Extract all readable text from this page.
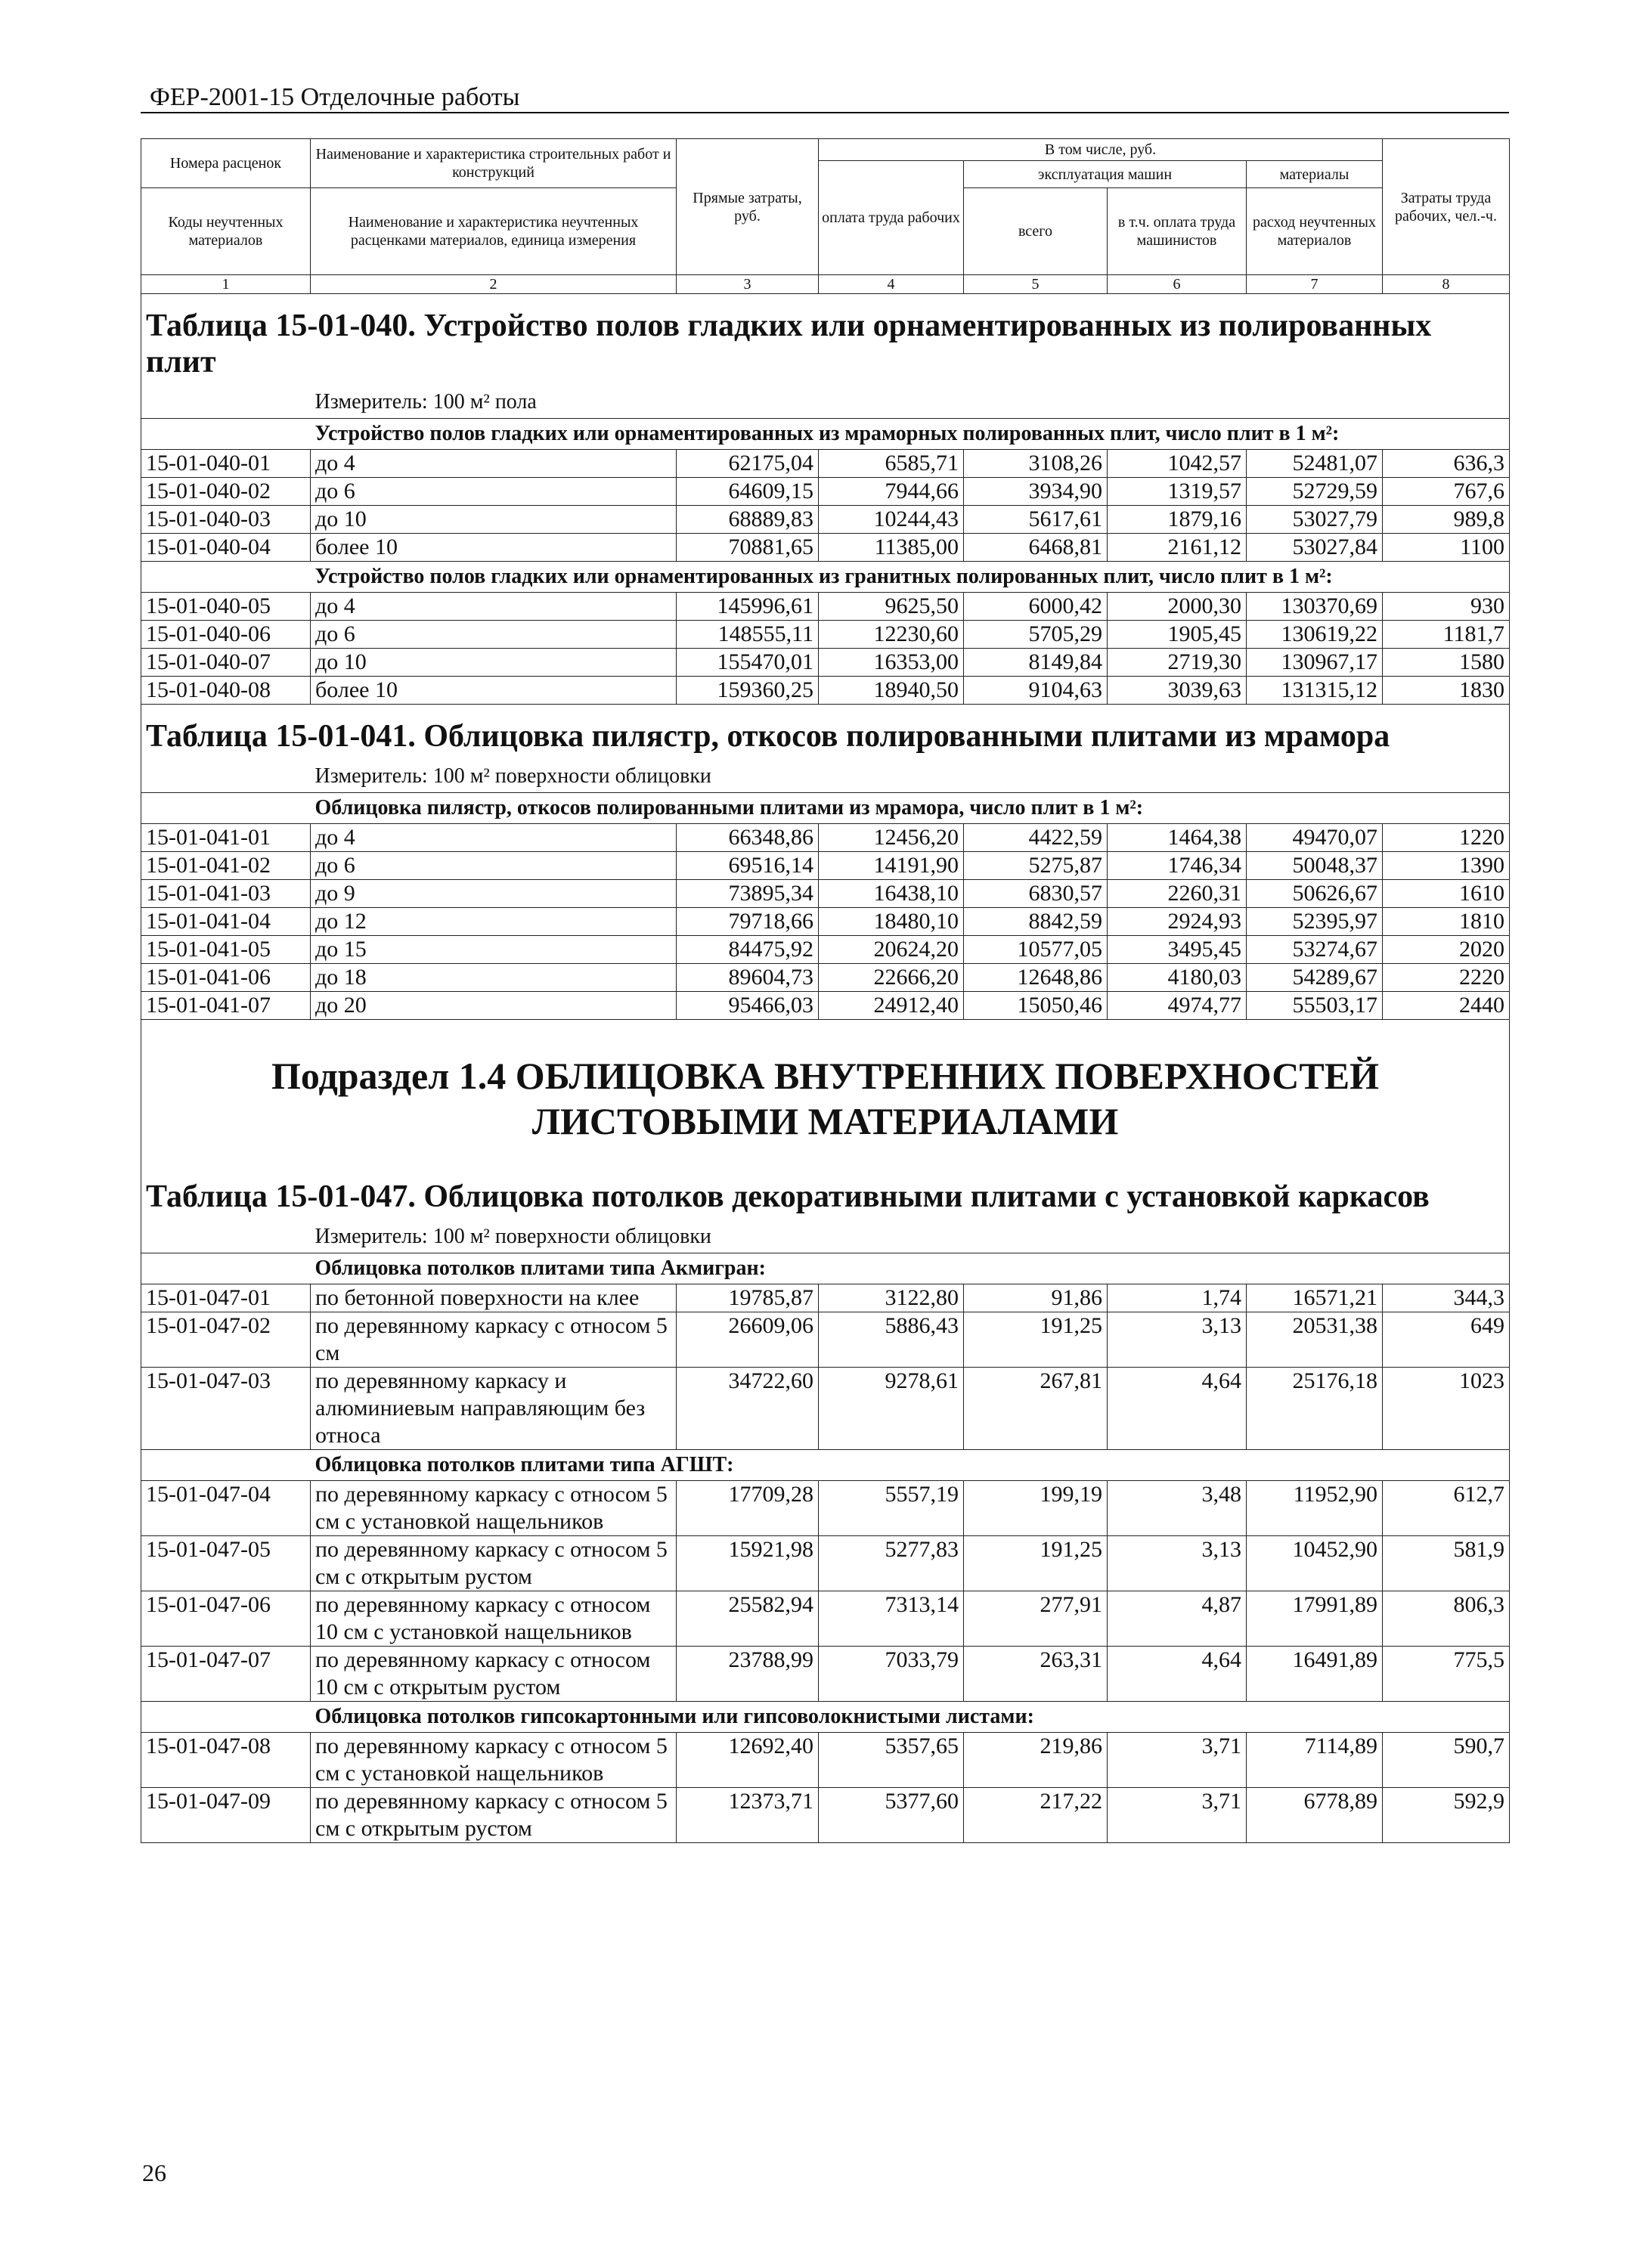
ФЕР-2001-15 Отделочные работы
Номера расценок	Наименование и характеристика строительных работ и конструкций	Прямые затраты, руб.	В том числе, руб.				Затраты труда рабочих, чел.-ч.
			оплата труда рабочих	эксплуатация машин		материалы	
Коды неучтенных материалов	Наименование и характеристика неучтенных расценками материалов, единица измерения			всего	в т.ч. оплата труда машинистов	расход неучтенных материалов	

1	2	3	4	5	6	7	8
Таблица 15-01-040. Устройство полов гладких или орнаментированных из полированных плит							
	Измеритель: 100 м² пола						
	Устройство полов гладких или орнаментированных из мраморных полированных плит, число плит в 1 м²:						
15-01-040-01	до 4	62175,04	6585,71	3108,26	1042,57	52481,07	636,3
15-01-040-02	до 6	64609,15	7944,66	3934,90	1319,57	52729,59	767,6
15-01-040-03	до 10	68889,83	10244,43	5617,61	1879,16	53027,79	989,8
15-01-040-04	более 10	70881,65	11385,00	6468,81	2161,12	53027,84	1100
	Устройство полов гладких или орнаментированных из гранитных полированных плит, число плит в 1 м²:						
15-01-040-05	до 4	145996,61	9625,50	6000,42	2000,30	130370,69	930
15-01-040-06	до 6	148555,11	12230,60	5705,29	1905,45	130619,22	1181,7
15-01-040-07	до 10	155470,01	16353,00	8149,84	2719,30	130967,17	1580
15-01-040-08	более 10	159360,25	18940,50	9104,63	3039,63	131315,12	1830
Таблица 15-01-041. Облицовка пилястр, откосов полированными плитами из мрамора							
	Измеритель: 100 м² поверхности облицовки						
	Облицовка пилястр, откосов полированными плитами из мрамора, число плит в 1 м²:						
15-01-041-01	до 4	66348,86	12456,20	4422,59	1464,38	49470,07	1220
15-01-041-02	до 6	69516,14	14191,90	5275,87	1746,34	50048,37	1390
15-01-041-03	до 9	73895,34	16438,10	6830,57	2260,31	50626,67	1610
15-01-041-04	до 12	79718,66	18480,10	8842,59	2924,93	52395,97	1810
15-01-041-05	до 15	84475,92	20624,20	10577,05	3495,45	53274,67	2020
15-01-041-06	до 18	89604,73	22666,20	12648,86	4180,03	54289,67	2220
15-01-041-07	до 20	95466,03	24912,40	15050,46	4974,77	55503,17	2440

Подраздел 1.4 ОБЛИЦОВКА ВНУТРЕННИХ ПОВЕРХНОСТЕЙ
ЛИСТОВЫМИ МАТЕРИАЛАМИ							

Таблица 15-01-047. Облицовка потолков декоративными плитами с установкой каркасов							
	Измеритель: 100 м² поверхности облицовки						
	Облицовка потолков плитами типа Акмигран:						
15-01-047-01	по бетонной поверхности на клее	19785,87	3122,80	91,86	1,74	16571,21	344,3
15-01-047-02	по деревянному каркасу с относом 5 см	26609,06	5886,43	191,25	3,13	20531,38	649
15-01-047-03	по деревянному каркасу и алюминиевым направляющим без относа	34722,60	9278,61	267,81	4,64	25176,18	1023
	Облицовка потолков плитами типа АГШТ:						
15-01-047-04	по деревянному каркасу с относом 5 см с установкой нащельников	17709,28	5557,19	199,19	3,48	11952,90	612,7
15-01-047-05	по деревянному каркасу с относом 5 см с открытым рустом	15921,98	5277,83	191,25	3,13	10452,90	581,9
15-01-047-06	по деревянному каркасу с относом 10 см с установкой нащельников	25582,94	7313,14	277,91	4,87	17991,89	806,3
15-01-047-07	по деревянному каркасу с относом 10 см с открытым рустом	23788,99	7033,79	263,31	4,64	16491,89	775,5
	Облицовка потолков гипсокартонными или гипсоволокнистыми листами:						
15-01-047-08	по деревянному каркасу с относом 5 см с установкой нащельников	12692,40	5357,65	219,86	3,71	7114,89	590,7
15-01-047-09	по деревянному каркасу с относом 5 см с открытым рустом	12373,71	5377,60	217,22	3,71	6778,89	592,9
26
